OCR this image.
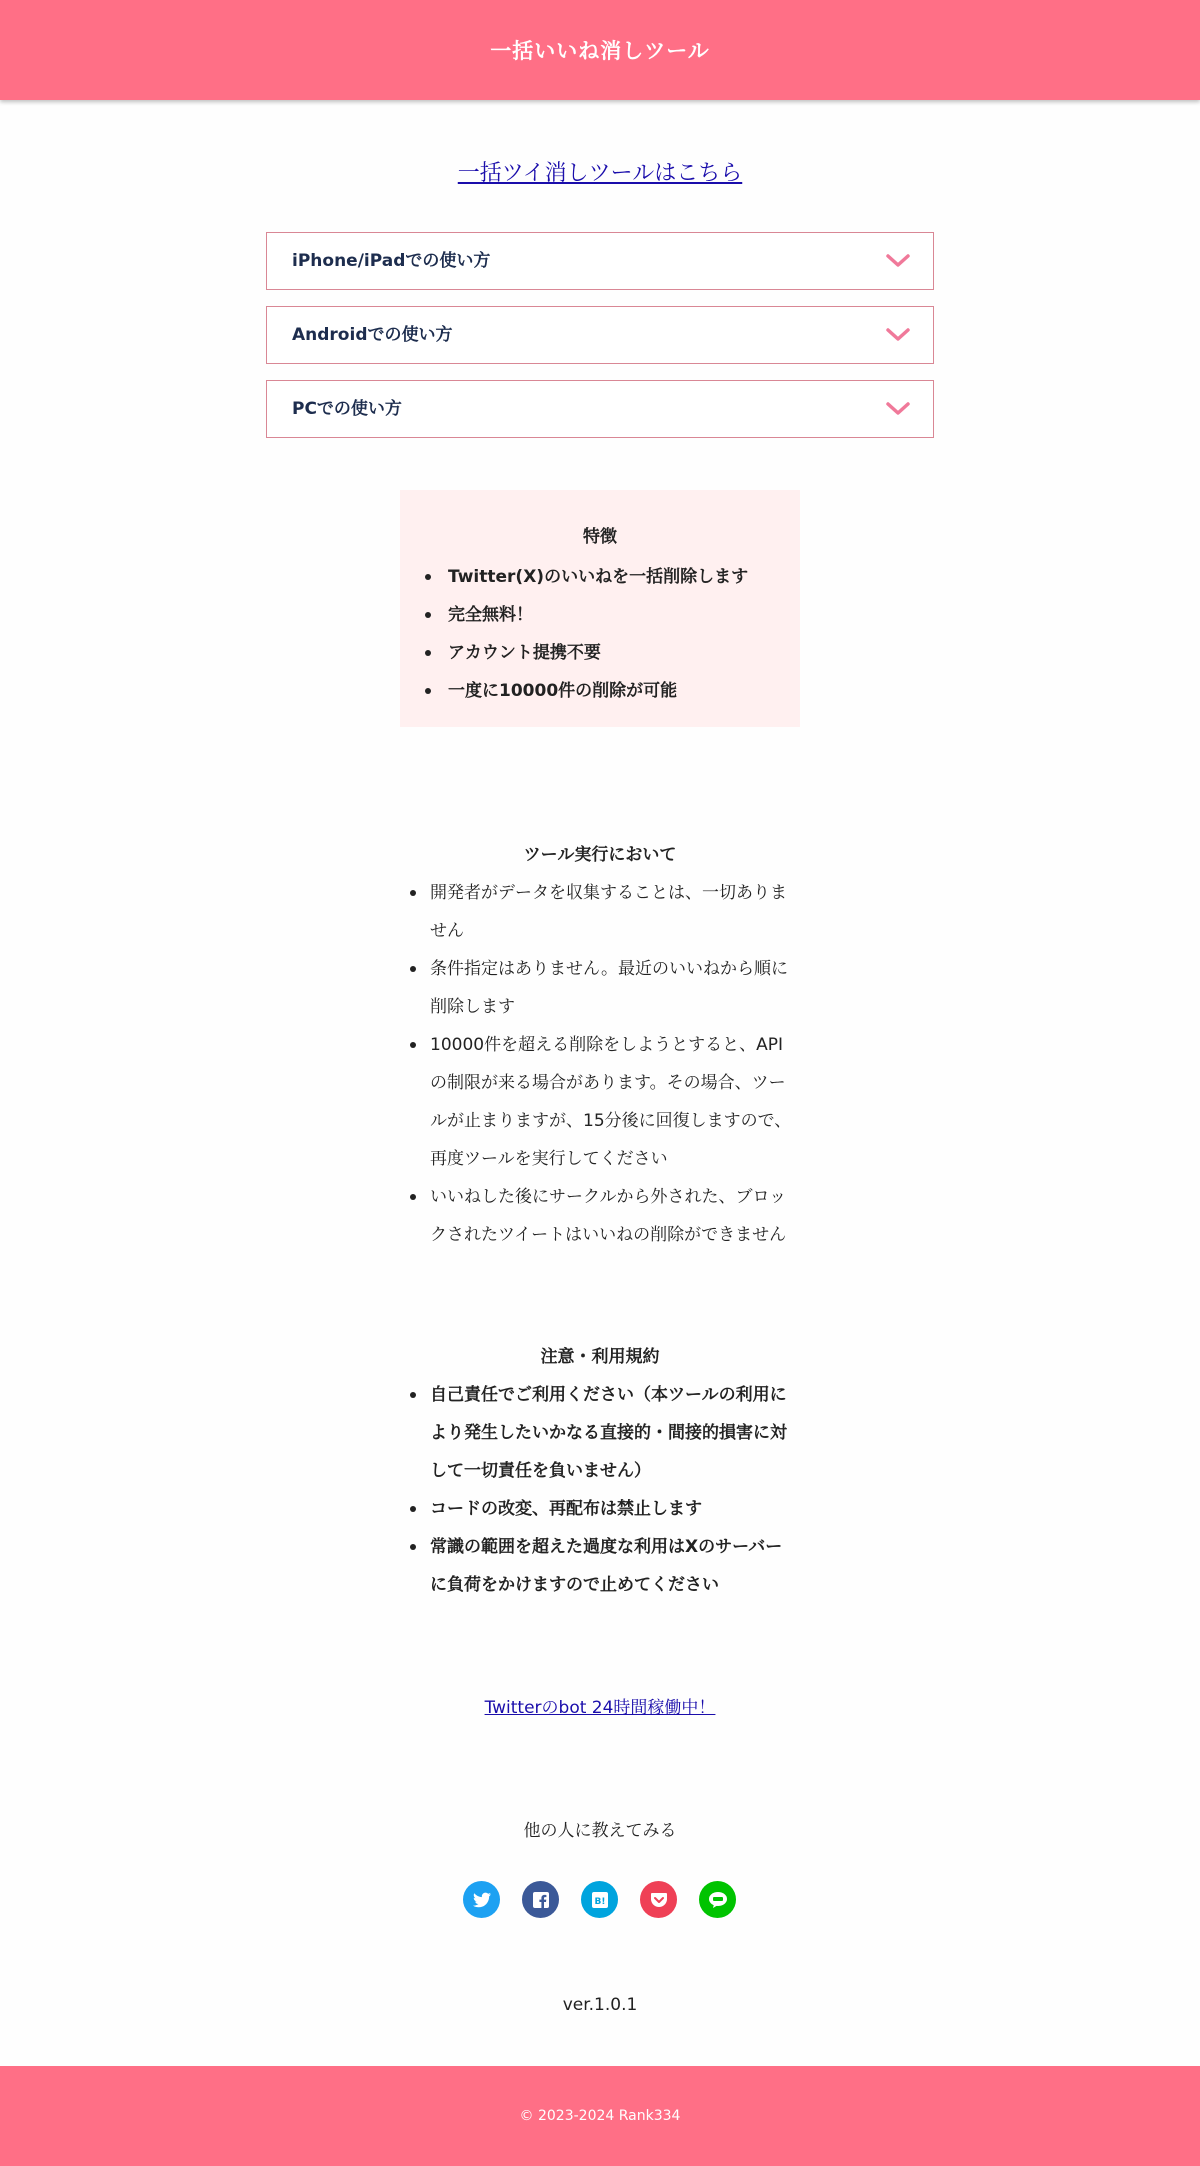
一括いいね消しツール
一括ツイ消しツールはこちら
iPhone/iPadでの使い方
Androidでの使い方
PCでの使い方
特徴
Twitter(X)のいいねを一括削除します
完全無料！
アカウント提携不要
一度に10000件の削除が可能
ツール実行において
開発者がデータを収集することは、一切ありません
条件指定はありません。最近のいいねから順に削除します
10000件を超える削除をしようとすると、APIの制限が来る場合があります。その場合、ツールが止まりますが、15分後に回復しますので、再度ツールを実行してください
いいねした後にサークルから外された、ブロックされたツイートはいいねの削除ができません
注意・利用規約
自己責任でご利用ください（本ツールの利用により発生したいかなる直接的・間接的損害に対して一切責任を負いません）
コードの改変、再配布は禁止します
常識の範囲を超えた過度な利用はXのサーバーに負荷をかけますので止めてください
Twitterのbot 24時間稼働中！
他の人に教えてみる
B!
ver.1.0.1
© 2023-2024 Rank334
